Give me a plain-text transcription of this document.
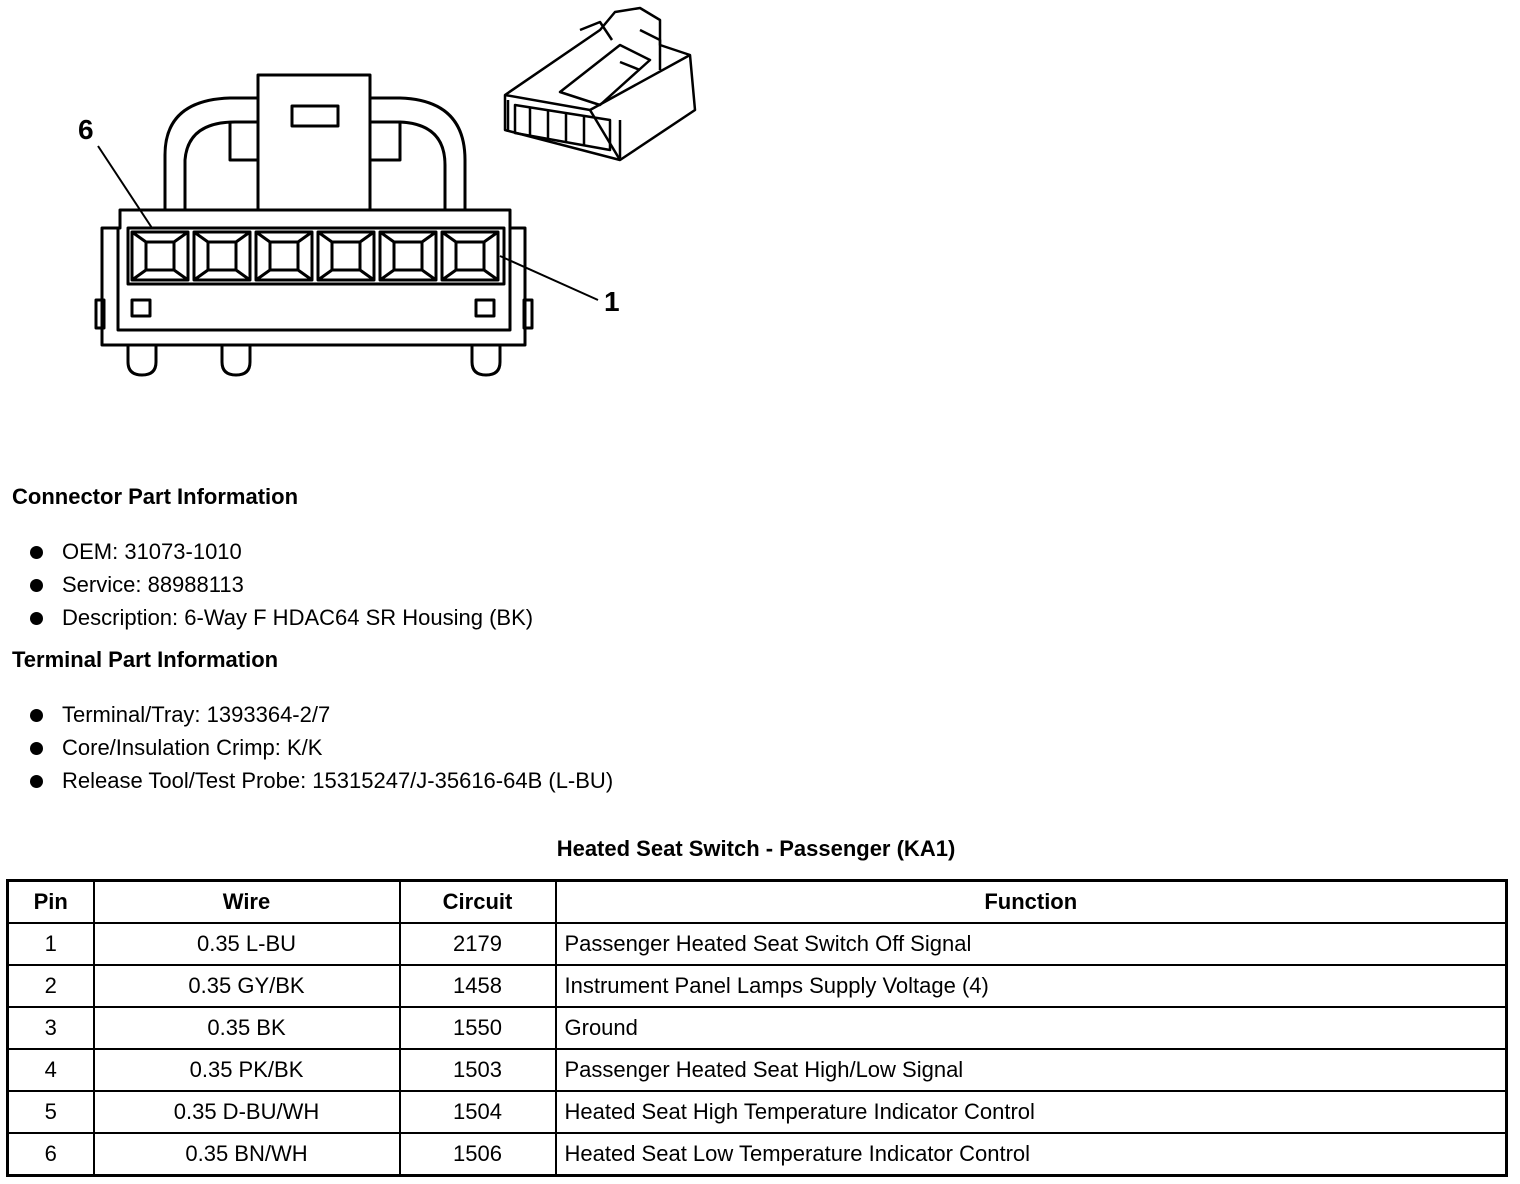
6
1
Connector Part Information
OEM: 31073-1010
Service: 88988113
Description: 6-Way F HDAC64 SR Housing (BK)
Terminal Part Information
Terminal/Tray: 1393364-2/7
Core/Insulation Crimp: K/K
Release Tool/Test Probe: 15315247/J-35616-64B (L-BU)
Heated Seat Switch - Passenger (KA1)
Pin	Wire	Circuit	Function
1	0.35 L-BU	2179	Passenger Heated Seat Switch Off Signal
2	0.35 GY/BK	1458	Instrument Panel Lamps Supply Voltage (4)
3	0.35 BK	1550	Ground
4	0.35 PK/BK	1503	Passenger Heated Seat High/Low Signal
5	0.35 D-BU/WH	1504	Heated Seat High Temperature Indicator Control
6	0.35 BN/WH	1506	Heated Seat Low Temperature Indicator Control
